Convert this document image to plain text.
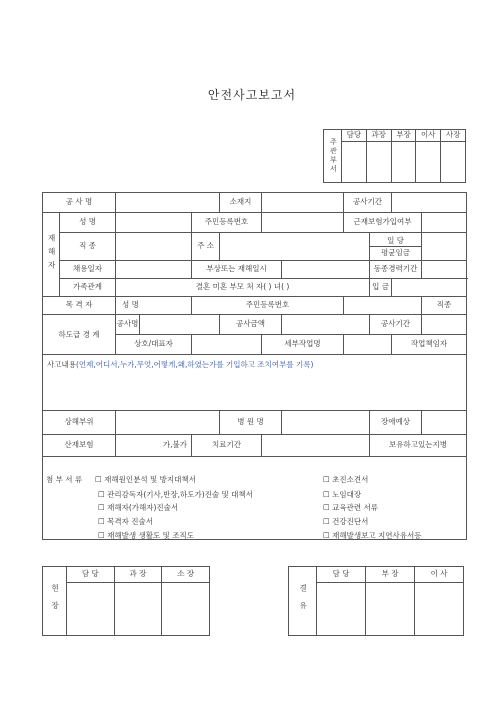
안전사고보고서
주관부서	담당	과장	부장	이사	사장

공 사 명					소재지			공사기간			
재해자	성 명			주민등록번호				근재보험가입여부			
	직 종			주 소					일 당
평균임금		

	채용일자			부상또는 재해일시					동종경력기간		
	가족관계	결혼 미혼 부모 처 자( ) 녀( )							입 금		
목 격 자		성 명		주민등록번호							직종
하도급 경 계		공사명			공사금액				공사기간		
		상호/대표자				세부작업명				작업책임자	
사고내용(언제,어디서,누가,무엇,어떻게,왜,하였는가를 기입하고 조치여부를 기록)											
상해부위					병 원 명				장애예상		
산재보험		가,불가		치료기간					보유하고있는지병		

첨 부 서 류 ☐ 재해원인분석 및 방지대책서
☐ 관리감독자(기사,반장,하도가)진술 및 대책서
☐ 재해자(가해자)진술서
☐ 목격자 진술서
☐ 재해발생 생활도 및 조직도
☐ 초진소견서
☐ 노임대장
☐ 교육관련 서류
☐ 건강진단서
☐ 재해발생보고 지연사유서등
현장	담 당	과 장	소 장

결유	담 당	부 장	이 사
